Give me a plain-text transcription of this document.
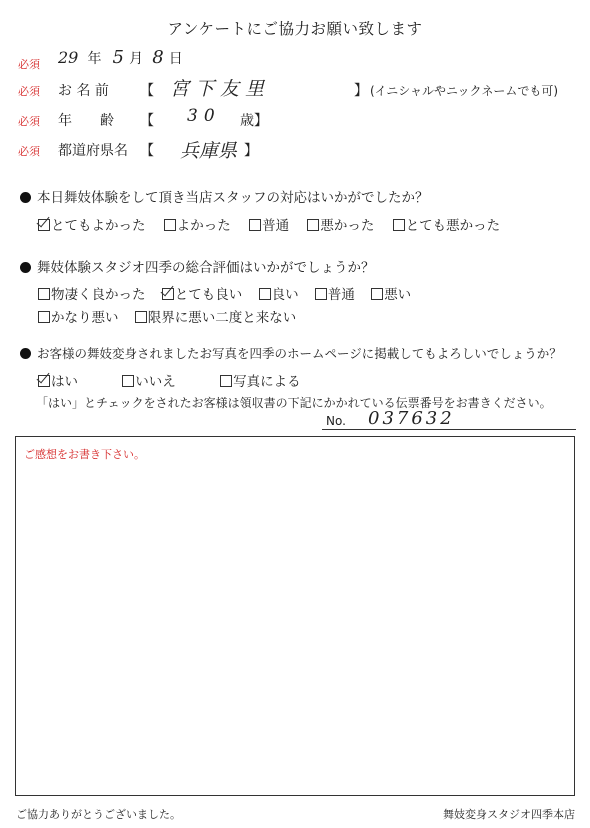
アンケートにご協力お願い致します
必須 29 年 5 月 8 日
必須 お 名 前 【 宮下友里	】 (イニシャルやニックネームでも可)
必須 年　　齢 【 30 歳】
必須 都道府県名 【 兵庫県 】
本日舞妓体験をして頂き当店スタッフの対応はいかがでしたか？
とてもよかった よかった 普通 悪かった とても悪かった
舞妓体験スタジオ四季の総合評価はいかがでしょうか？
物凄く良かった とても良い 良い 普通 悪い
かなり悪い 限界に悪い二度と来ない
お客様の舞妓変身されましたお写真を四季のホームページに掲載してもよろしいでしょうか？
はい	いいえ	写真による
「はい」とチェックをされたお客様は領収書の下記にかかれている伝票番号をお書きください。
No. 037632
ご感想をお書き下さい。
ご協力ありがとうございました。	舞妓変身スタジオ四季本店
